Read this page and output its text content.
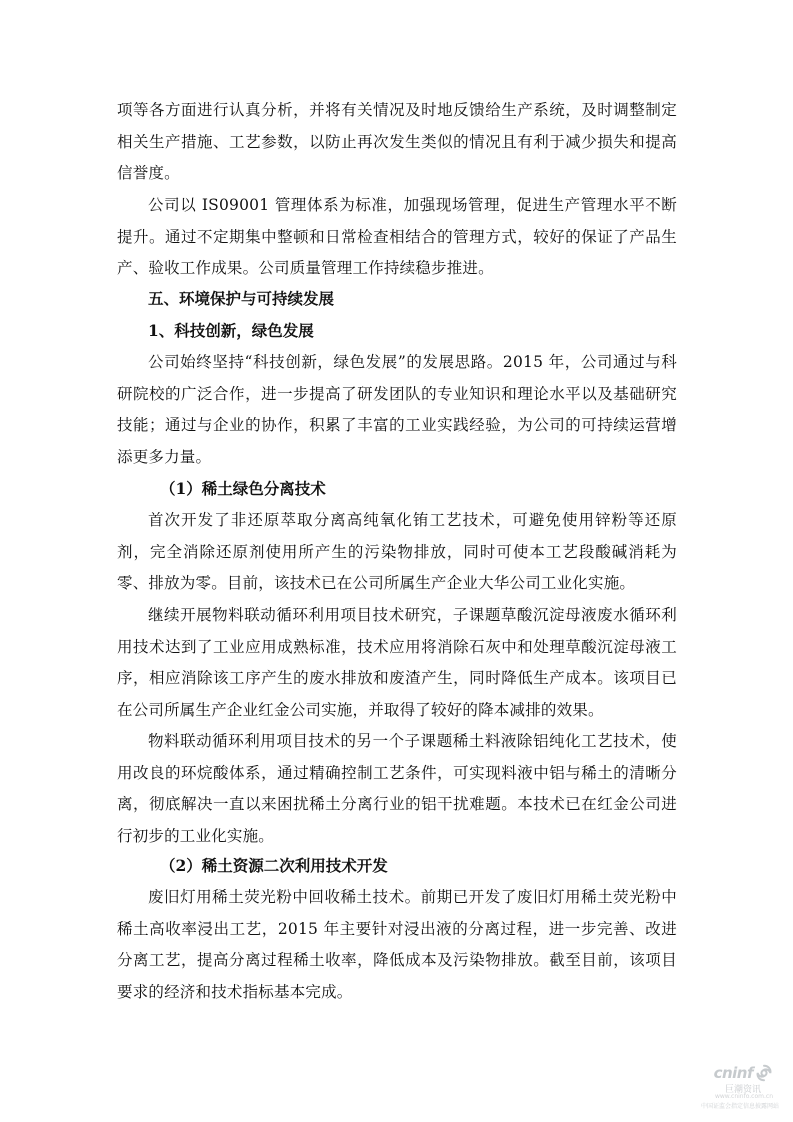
项等各方面进行认真分析，并将有关情况及时地反馈给生产系统，及时调整制定相关生产措施、工艺参数，以防止再次发生类似的情况且有利于减少损失和提高信誉度。

公司以 IS09001 管理体系为标准，加强现场管理，促进生产管理水平不断提升。通过不定期集中整顿和日常检查相结合的管理方式，较好的保证了产品生产、验收工作成果。公司质量管理工作持续稳步推进。

五、环境保护与可持续发展
1、科技创新，绿色发展

公司始终坚持“科技创新，绿色发展”的发展思路。2015 年，公司通过与科研院校的广泛合作，进一步提高了研发团队的专业知识和理论水平以及基础研究技能；通过与企业的协作，积累了丰富的工业实践经验，为公司的可持续运营增添更多力量。

（1）稀土绿色分离技术

首次开发了非还原萃取分离高纯氧化铕工艺技术，可避免使用锌粉等还原剂，完全消除还原剂使用所产生的污染物排放，同时可使本工艺段酸碱消耗为零、排放为零。目前，该技术已在公司所属生产企业大华公司工业化实施。

继续开展物料联动循环利用项目技术研究，子课题草酸沉淀母液废水循环利用技术达到了工业应用成熟标准，技术应用将消除石灰中和处理草酸沉淀母液工序，相应消除该工序产生的废水排放和废渣产生，同时降低生产成本。该项目已在公司所属生产企业红金公司实施，并取得了较好的降本减排的效果。

物料联动循环利用项目技术的另一个子课题稀土料液除铝纯化工艺技术，使用改良的环烷酸体系，通过精确控制工艺条件，可实现料液中铝与稀土的清晰分离，彻底解决一直以来困扰稀土分离行业的铝干扰难题。本技术已在红金公司进行初步的工业化实施。

（2）稀土资源二次利用技术开发

废旧灯用稀土荧光粉中回收稀土技术。前期已开发了废旧灯用稀土荧光粉中稀土高收率浸出工艺，2015 年主要针对浸出液的分离过程，进一步完善、改进分离工艺，提高分离过程稀土收率，降低成本及污染物排放。截至目前，该项目要求的经济和技术指标基本完成。

cninf
巨潮资讯
www.cninfo.com.cn
中国证监会指定信息披露网站
